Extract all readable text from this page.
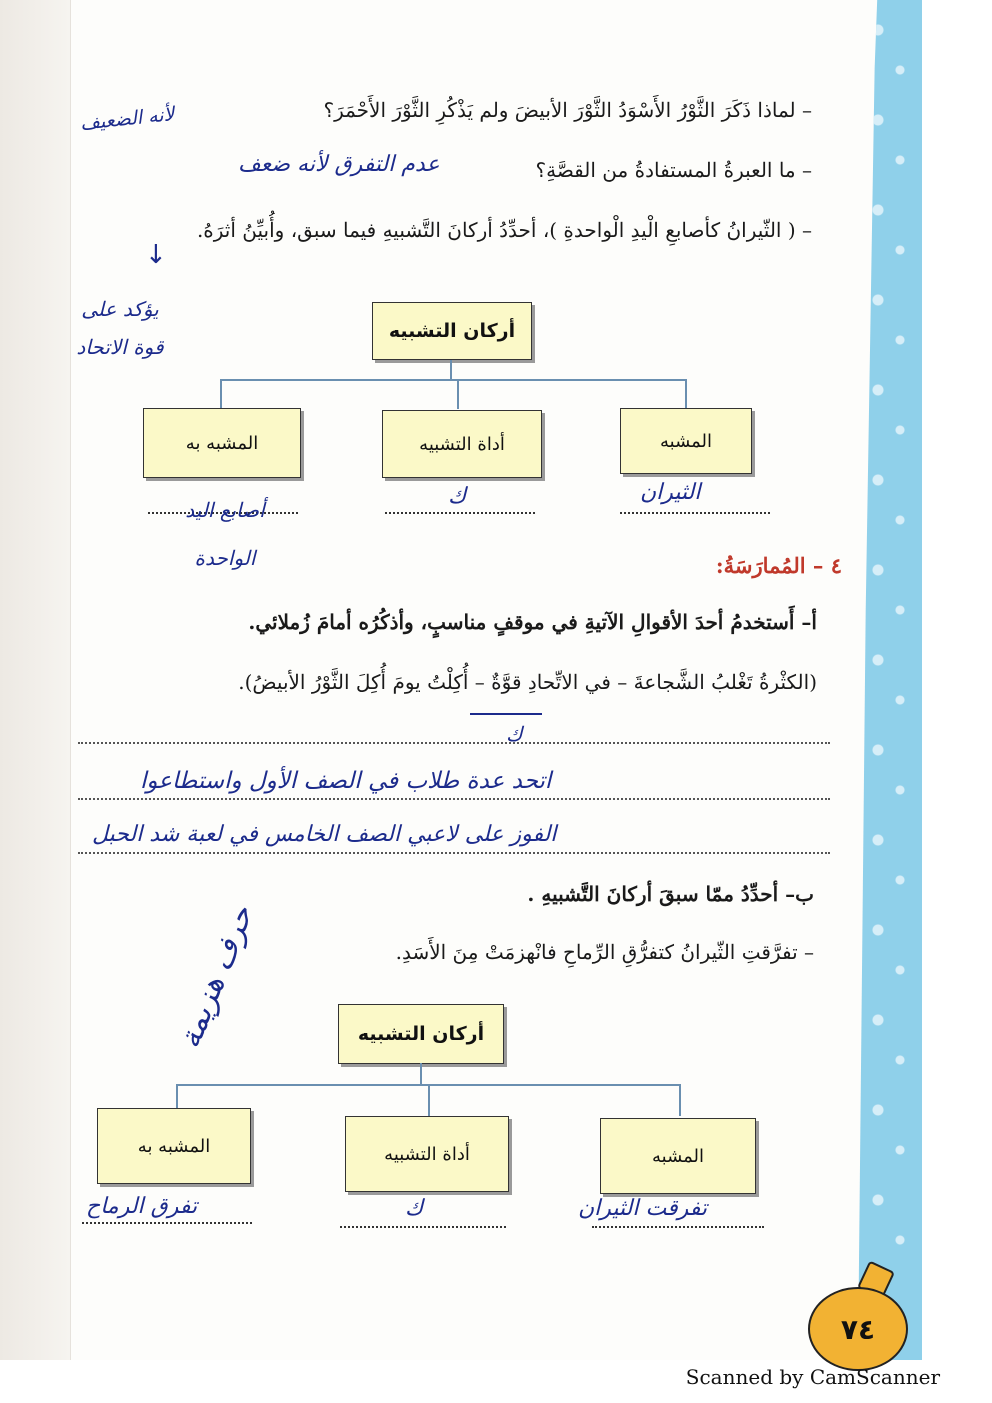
– لماذا ذَكَرَ الثَّوْرُ الأَسْوَدُ الثَّوْرَ الأبيضَ ولم يَذْكُرِ الثَّوْرَ الأَحْمَرَ؟
لأنه الضعيف
– ما العبرةُ المستفادةُ من القصَّةِ؟
عدم التفرق لأنه ضعف
– ( الثّيرانُ كأصابعِ الْيدِ الْواحدةِ )، أحدِّدُ أركانَ التَّشبيهِ فيما سبق، وأُبيِّنُ أثرَهُ.
↓
يؤكد على قوة الاتحاد
أركان التشبيه
المشبه
أداة التشبيه
المشبه به
الثيران
ك
أصابع اليد الواحدة	٤ – المُمارَسَةُ:
أ– أَستخدمُ أحدَ الأقوالِ الآتيةِ في موقفٍ مناسبٍ، وأذكُرُه أمامَ زُملائي.
(الكثْرةُ تَغْلبُ الشَّجاعةَ – في الاتِّحادِ قوَّةٌ – أُكِلْتُ يومَ أُكِلَ الثَّوْرُ الأبيضُ).
ك
اتحد عدة طلاب في الصف الأول واستطاعوا
الفوز على لاعبي الصف الخامس في لعبة شد الحبل
ب– أحدِّدُ ممّا سبقَ أركانَ التَّشبيهِ .
– تفرَّقتِ الثّيرانُ كتفرُّقِ الرِّماحِ فانْهزمَتْ مِنَ الأَسَدِ.
حرف هزيمة	أركان التشبيه
المشبه
أداة التشبيه
المشبه به
تفرقت الثيران
ك
تفرق الرماح
٧٤
Scanned by CamScanner
